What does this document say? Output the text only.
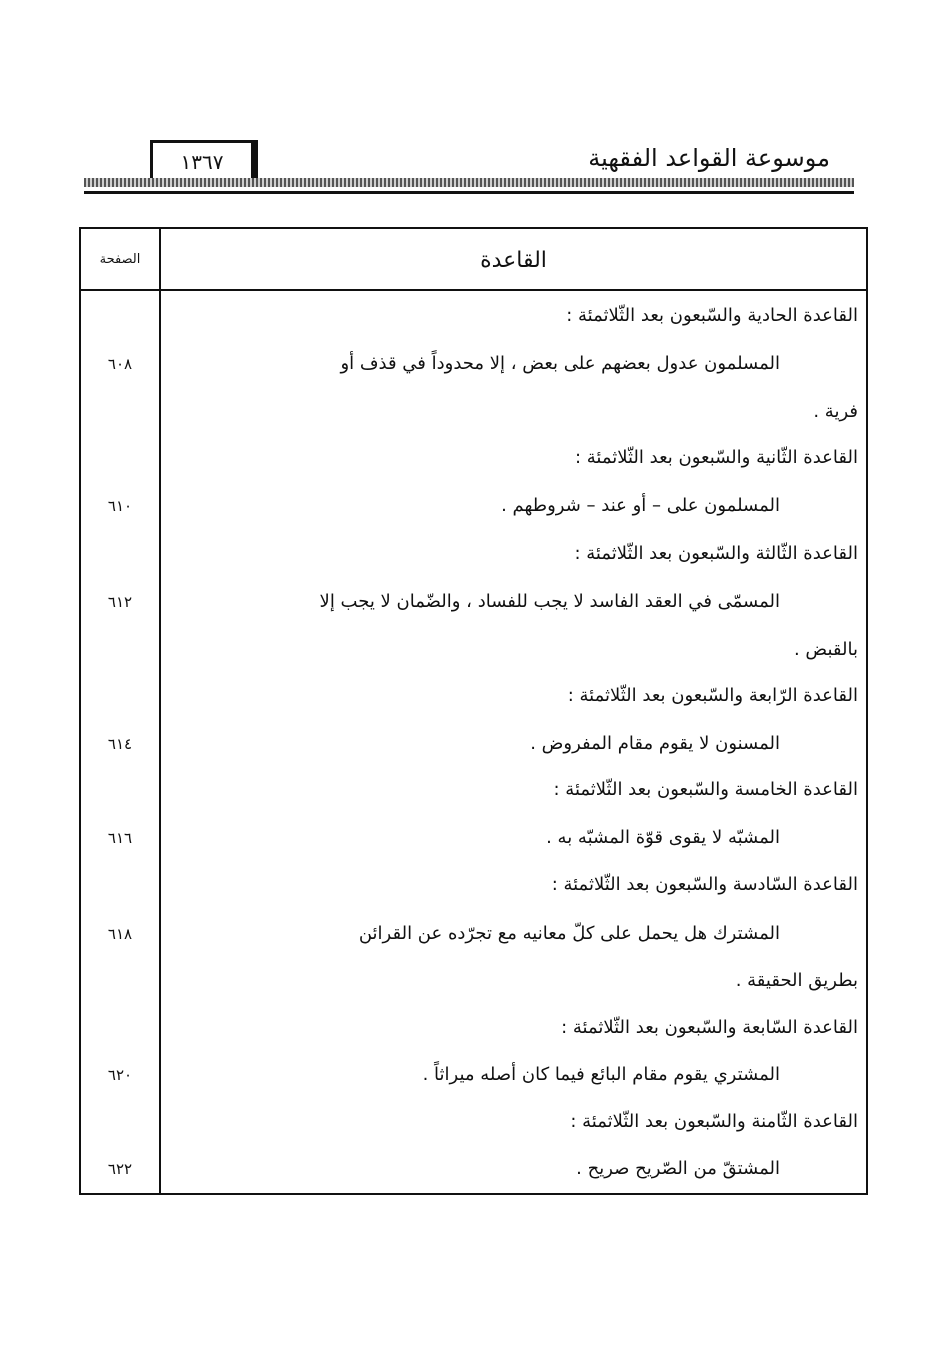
موسوعة القواعد الفقهية
١٣٦٧
القاعدة
الصفحة
القاعدة الحادية والسّبعون بعد الثّلاثمئة :
المسلمون عدول بعضهم على بعض ، إلا محدوداً في قذف أو
٦٠٨
فرية .
القاعدة الثّانية والسّبعون بعد الثّلاثمئة :
المسلمون على – أو عند – شروطهم .
٦١٠
القاعدة الثّالثة والسّبعون بعد الثّلاثمئة :
المسمّى في العقد الفاسد لا يجب للفساد ، والضّمان لا يجب إلا
٦١٢
بالقبض .
القاعدة الرّابعة والسّبعون بعد الثّلاثمئة :
المسنون لا يقوم مقام المفروض .
٦١٤
القاعدة الخامسة والسّبعون بعد الثّلاثمئة :
المشبّه لا يقوى قوّة المشبّه به .
٦١٦
القاعدة السّادسة والسّبعون بعد الثّلاثمئة :
المشترك هل يحمل على كلّ معانيه مع تجرّده عن القرائن
٦١٨
بطريق الحقيقة .
القاعدة السّابعة والسّبعون بعد الثّلاثمئة :
المشتري يقوم مقام البائع فيما كان أصله ميراثاً .
٦٢٠
القاعدة الثّامنة والسّبعون بعد الثّلاثمئة :
المشتقّ من الصّريح صريح .
٦٢٢
